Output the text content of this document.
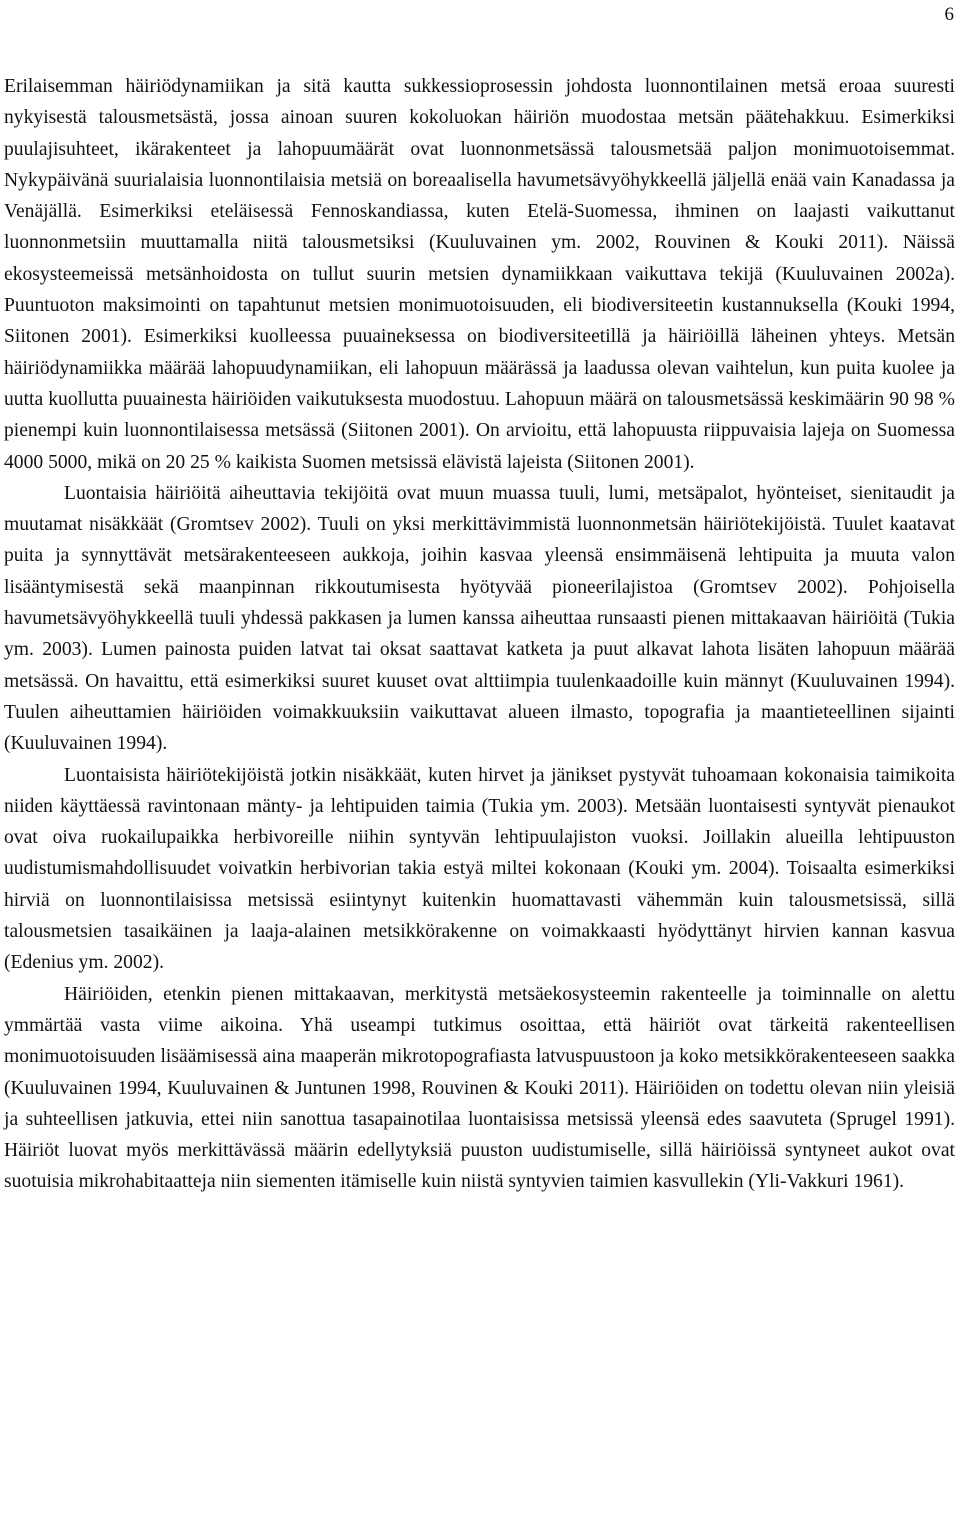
6

Erilaisemman häiriödynamiikan ja sitä kautta sukkessioprosessin johdosta luonnontilainen metsä eroaa suuresti nykyisestä talousmetsästä, jossa ainoan suuren kokoluokan häiriön muodostaa metsän päätehakkuu. Esimerkiksi puulajisuhteet, ikärakenteet ja lahopuumäärät ovat luonnonmetsässä talousmetsää paljon monimuotoisemmat. Nykypäivänä suurialaisia luonnontilaisia metsiä on boreaalisella havumetsävyöhykkeellä jäljellä enää vain Kanadassa ja Venäjällä. Esimerkiksi eteläisessä Fennoskandiassa, kuten Etelä-Suomessa, ihminen on laajasti vaikuttanut luonnonmetsiin muuttamalla niitä talousmetsiksi (Kuuluvainen ym. 2002, Rouvinen & Kouki 2011). Näissä ekosysteemeissä metsänhoidosta on tullut suurin metsien dynamiikkaan vaikuttava tekijä (Kuuluvainen 2002a). Puuntuoton maksimointi on tapahtunut metsien monimuotoisuuden, eli biodiversiteetin kustannuksella (Kouki 1994, Siitonen 2001). Esimerkiksi kuolleessa puuaineksessa on biodiversiteetillä ja häiriöillä läheinen yhteys. Metsän häiriödynamiikka määrää lahopuudynamiikan, eli lahopuun määrässä ja laadussa olevan vaihtelun, kun puita kuolee ja uutta kuollutta puuainesta häiriöiden vaikutuksesta muodostuu. Lahopuun määrä on talousmetsässä keskimäärin 90 98 % pienempi kuin luonnontilaisessa metsässä (Siitonen 2001). On arvioitu, että lahopuusta riippuvaisia lajeja on Suomessa 4000 5000, mikä on 20 25 % kaikista Suomen metsissä elävistä lajeista (Siitonen 2001).

Luontaisia häiriöitä aiheuttavia tekijöitä ovat muun muassa tuuli, lumi, metsäpalot, hyönteiset, sienitaudit ja muutamat nisäkkäät (Gromtsev 2002). Tuuli on yksi merkittävimmistä luonnonmetsän häiriötekijöistä. Tuulet kaatavat puita ja synnyttävät metsärakenteeseen aukkoja, joihin kasvaa yleensä ensimmäisenä lehtipuita ja muuta valon lisääntymisestä sekä maanpinnan rikkoutumisesta hyötyvää pioneerilajistoa (Gromtsev 2002). Pohjoisella havumetsävyöhykkeellä tuuli yhdessä pakkasen ja lumen kanssa aiheuttaa runsaasti pienen mittakaavan häiriöitä (Tukia ym. 2003). Lumen painosta puiden latvat tai oksat saattavat katketa ja puut alkavat lahota lisäten lahopuun määrää metsässä. On havaittu, että esimerkiksi suuret kuuset ovat alttiimpia tuulenkaadoille kuin männyt (Kuuluvainen 1994). Tuulen aiheuttamien häiriöiden voimakkuuksiin vaikuttavat alueen ilmasto, topografia ja maantieteellinen sijainti (Kuuluvainen 1994).

Luontaisista häiriötekijöistä jotkin nisäkkäät, kuten hirvet ja jänikset pystyvät tuhoamaan kokonaisia taimikoita niiden käyttäessä ravintonaan mänty- ja lehtipuiden taimia (Tukia ym. 2003). Metsään luontaisesti syntyvät pienaukot ovat oiva ruokailupaikka herbivoreille niihin syntyvän lehtipuulajiston vuoksi. Joillakin alueilla lehtipuuston uudistumismahdollisuudet voivatkin herbivorian takia estyä miltei kokonaan (Kouki ym. 2004). Toisaalta esimerkiksi hirviä on luonnontilaisissa metsissä esiintynyt kuitenkin huomattavasti vähemmän kuin talousmetsissä, sillä talousmetsien tasaikäinen ja laaja-alainen metsikkörakenne on voimakkaasti hyödyttänyt hirvien kannan kasvua (Edenius ym. 2002).

Häiriöiden, etenkin pienen mittakaavan, merkitystä metsäekosysteemin rakenteelle ja toiminnalle on alettu ymmärtää vasta viime aikoina. Yhä useampi tutkimus osoittaa, että häiriöt ovat tärkeitä rakenteellisen monimuotoisuuden lisäämisessä aina maaperän mikrotopografiasta latvuspuustoon ja koko metsikkörakenteeseen saakka (Kuuluvainen 1994, Kuuluvainen & Juntunen 1998, Rouvinen & Kouki 2011). Häiriöiden on todettu olevan niin yleisiä ja suhteellisen jatkuvia, ettei niin sanottua tasapainotilaa luontaisissa metsissä yleensä edes saavuteta (Sprugel 1991). Häiriöt luovat myös merkittävässä määrin edellytyksiä puuston uudistumiselle, sillä häiriöissä syntyneet aukot ovat suotuisia mikrohabitaatteja niin siementen itämiselle kuin niistä syntyvien taimien kasvullekin (Yli-Vakkuri 1961).
